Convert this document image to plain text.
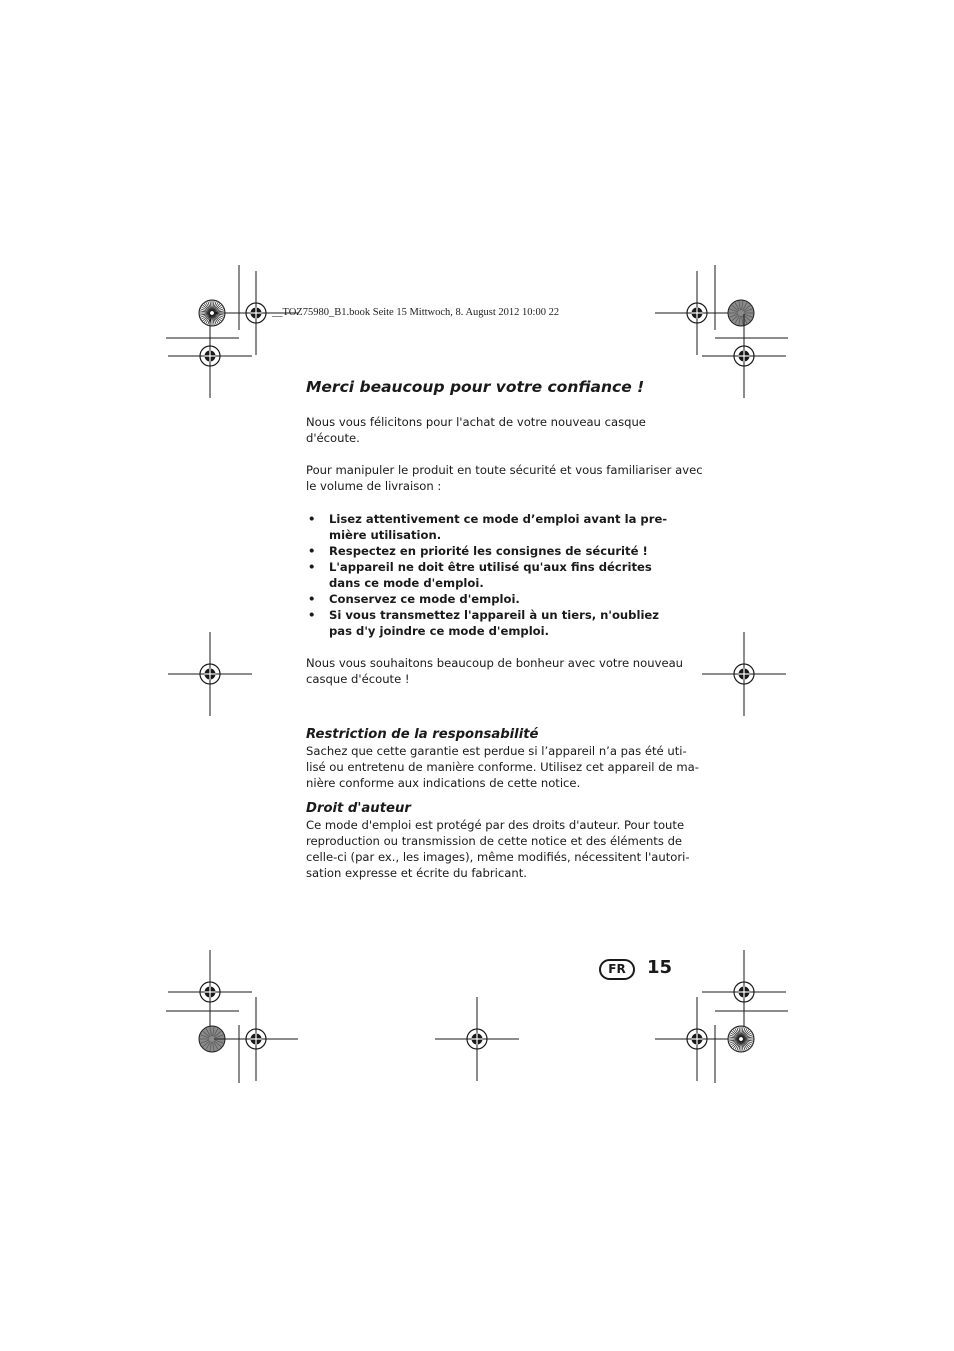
__TOZ75980_B1.book Seite 15 Mittwoch, 8. August 2012 10:00 22
Merci beaucoup pour votre confiance !

Nous vous félicitons pour l'achat de votre nouveau casque
d'écoute.

Pour manipuler le produit en toute sécurité et vous familiariser avec
le volume de livraison :

• Lisez attentivement ce mode d’emploi avant la pre-
mière utilisation.
• Respectez en priorité les consignes de sécurité !
• L'appareil ne doit être utilisé qu'aux fins décrites
dans ce mode d'emploi.
• Conservez ce mode d'emploi.
• Si vous transmettez l'appareil à un tiers, n'oubliez
pas d'y joindre ce mode d'emploi.

Nous vous souhaitons beaucoup de bonheur avec votre nouveau
casque d'écoute !

Restriction de la responsabilité

Sachez que cette garantie est perdue si l’appareil n’a pas été uti-
lisé ou entretenu de manière conforme. Utilisez cet appareil de ma-
nière conforme aux indications de cette notice.

Droit d'auteur

Ce mode d'emploi est protégé par des droits d'auteur. Pour toute
reproduction ou transmission de cette notice et des éléments de
celle-ci (par ex., les images), même modifiés, nécessitent l'autori-
sation expresse et écrite du fabricant.

FR	15
